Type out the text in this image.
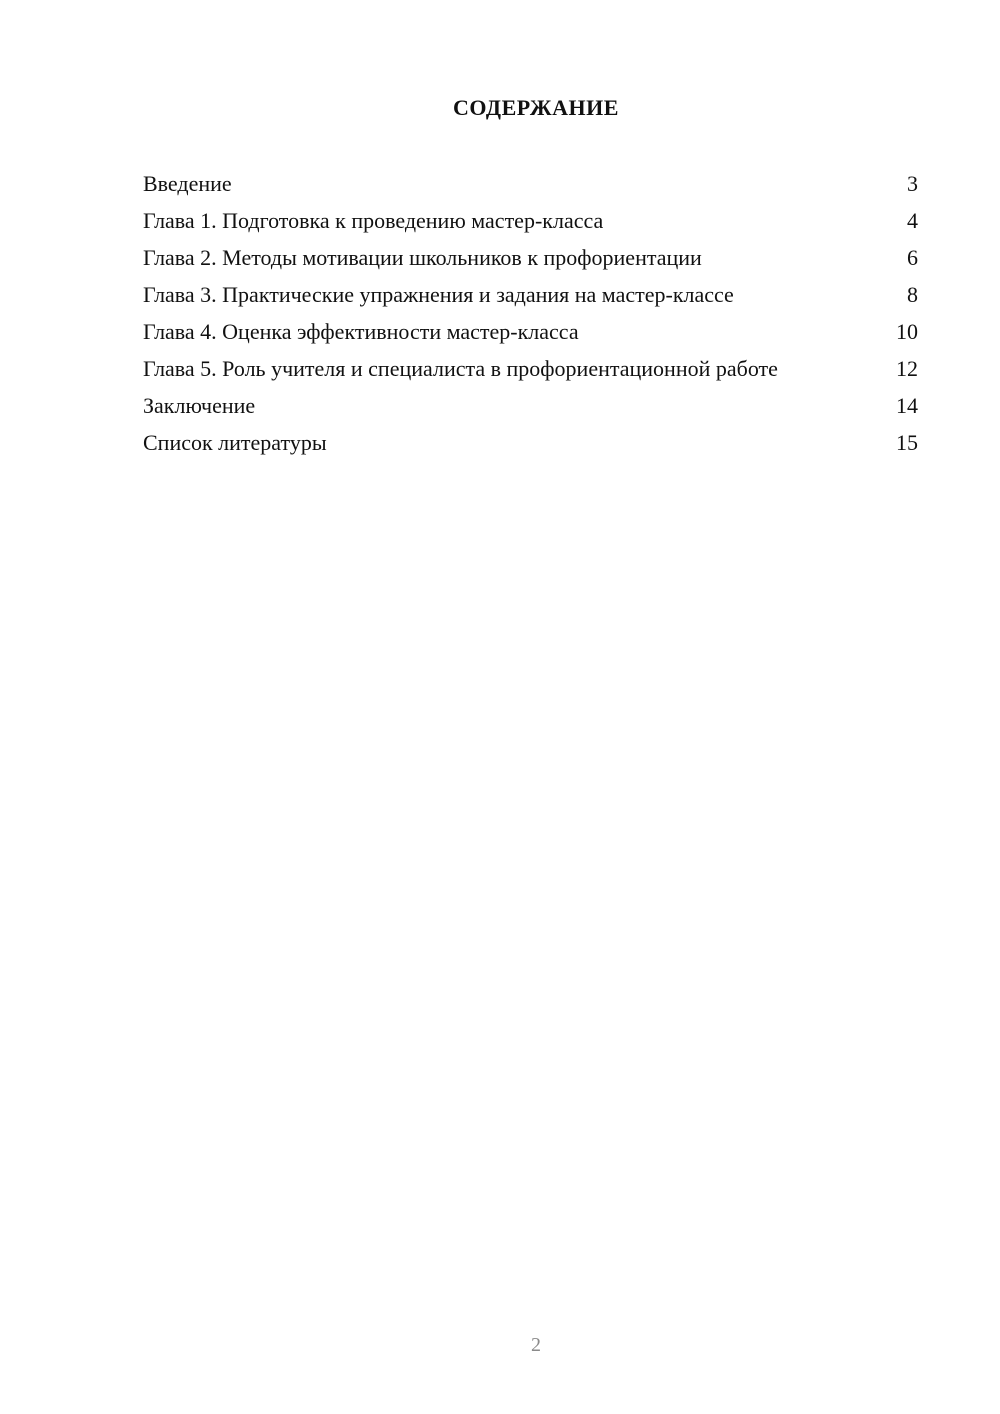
СОДЕРЖАНИЕ
Введение	3
Глава 1. Подготовка к проведению мастер-класса	4
Глава 2. Методы мотивации школьников к профориентации	6
Глава 3. Практические упражнения и задания на мастер-классе	8
Глава 4. Оценка эффективности мастер-класса	10
Глава 5. Роль учителя и специалиста в профориентационной работе	12
Заключение	14
Список литературы	15
2
